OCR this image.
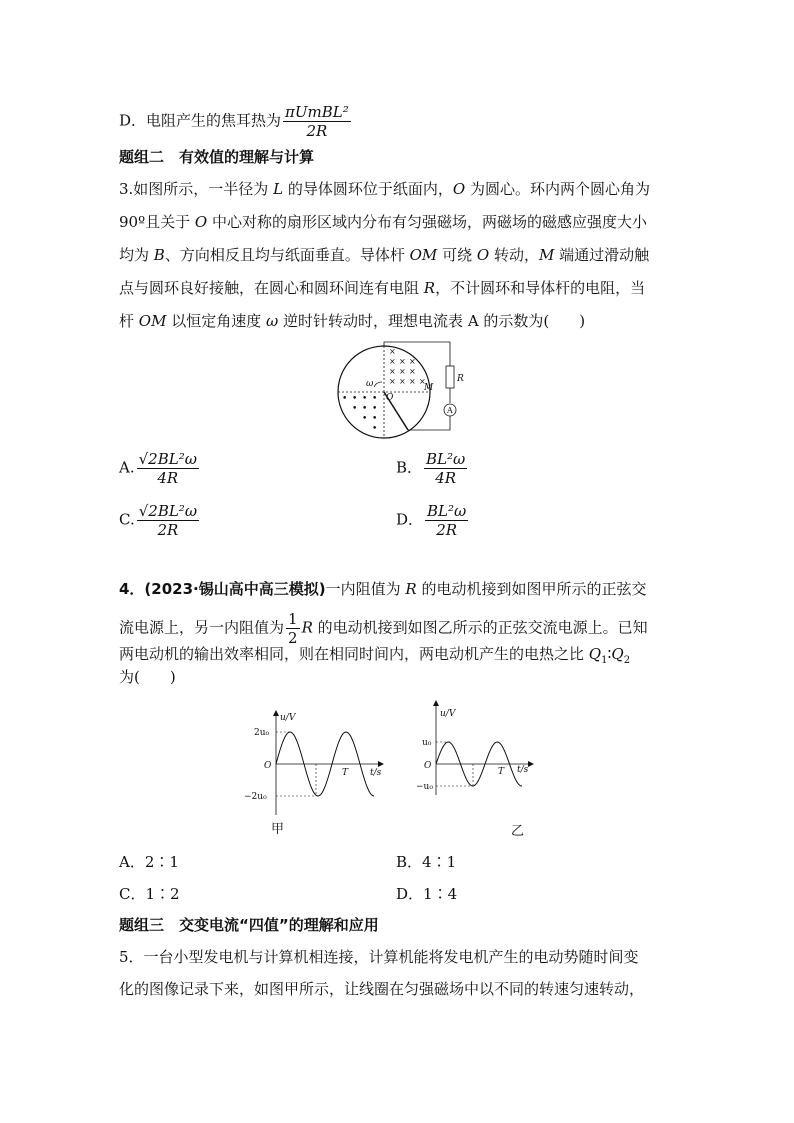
D．电阻产生的焦耳热为 $\frac{\text{πUmBL²}}{2R}$
题组二　有效值的理解与计算
3.如图所示，一半径为 L 的导体圆环位于纸面内，O 为圆心。环内两个圆心角为
90º且关于 O 中心对称的扇形区域内分布有匀强磁场，两磁场的磁感应强度大小
均为 B、方向相反且均与纸面垂直。导体杆 OM 可绕 O 转动，M 端通过滑动触
点与圆环良好接触，在圆心和圆环间连有电阻 R，不计圆环和导体杆的电阻，当
杆 OM 以恒定角速度 ω 逆时针转动时，理想电流表 A 的示数为(　　)
×
×
×
×
×
×
×
×
×
× ×
• • • •
• • •
• •
•
ω
O
M
R
A
A. $\frac{\text{√2BL²ω}}{4R}$	B． $\frac{\text{BL²ω}}{4R}$
C. $\frac{\text{√2BL²ω}}{2R}$	D． $\frac{\text{BL²ω}}{2R}$
4．(2023·锡山高中高三模拟)一内阻值为 R 的电动机接到如图甲所示的正弦交
流电源上，另一内阻值为 $\frac{1}{2}$ R 的电动机接到如图乙所示的正弦交流电源上。已知
两电动机的输出效率相同，则在相同时间内，两电动机产生的电热之比 $Q_1∶Q_2$
为(　　)
u/V
t/s
2u₀
−2u₀
O
T
甲
u/V
t/s
u₀
−u₀
O
T
乙
A．2∶1	B．4∶1
C．1∶2	D．1∶4
题组三　交变电流“四值”的理解和应用
5．一台小型发电机与计算机相连接，计算机能将发电机产生的电动势随时间变
化的图像记录下来，如图甲所示，让线圈在匀强磁场中以不同的转速匀速转动，
